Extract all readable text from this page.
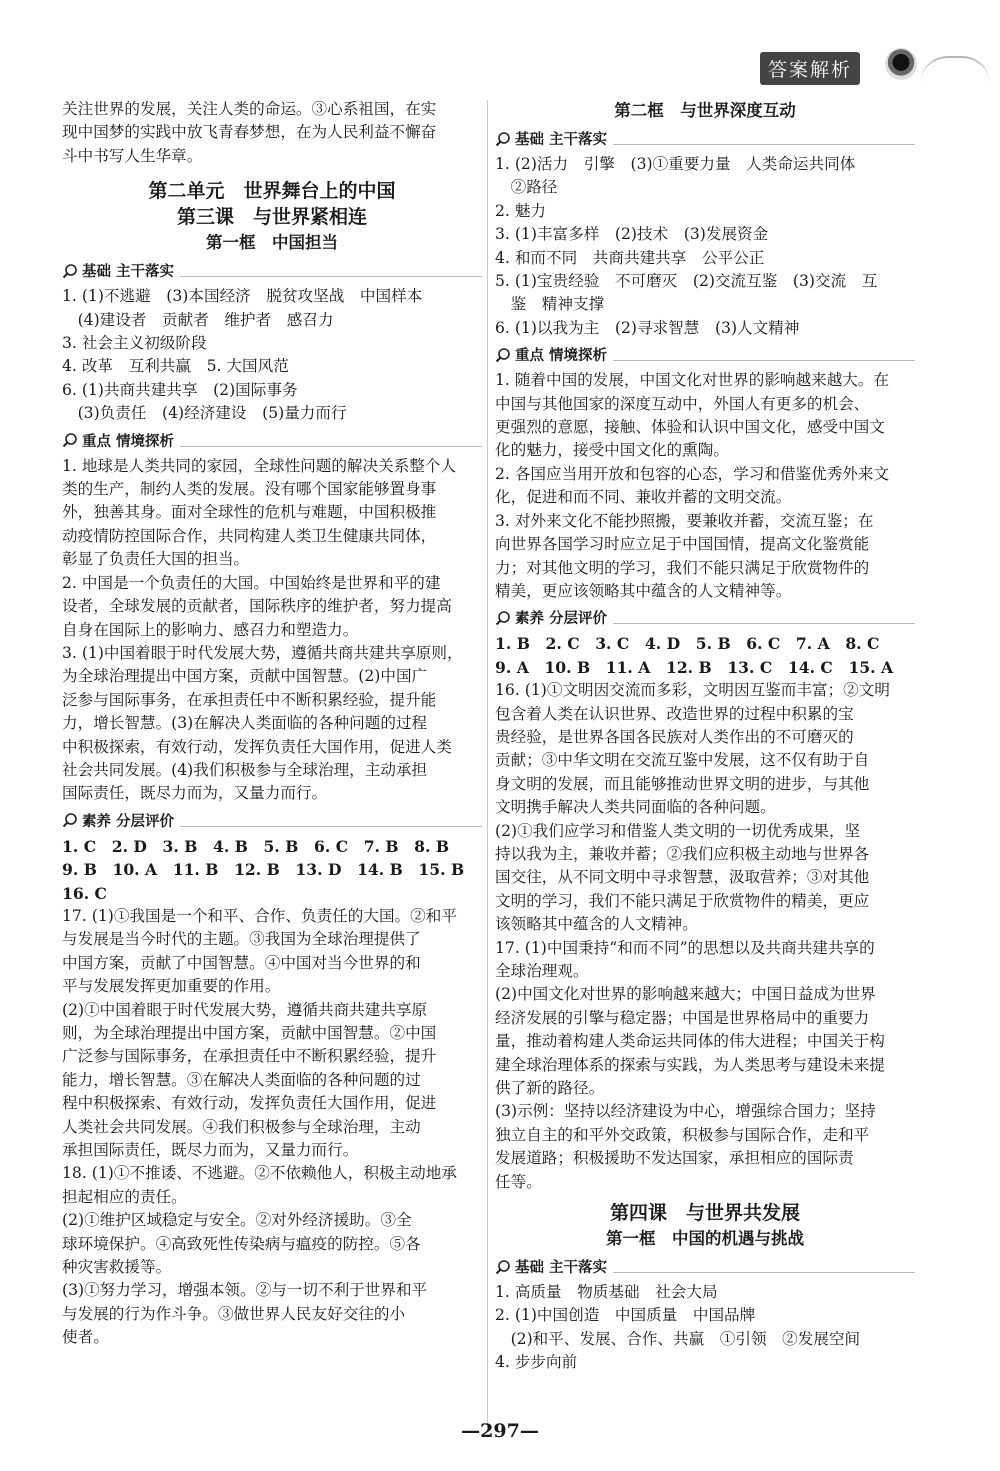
答案解析

关注世界的发展，关注人类的命运。③心系祖国，在实

现中国梦的实践中放飞青春梦想，在为人民利益不懈奋

斗中书写人生华章。

第二单元　世界舞台上的中国
第三课　与世界紧相连
第一框　中国担当
基础 主干落实

1. (1)不逃避　(3)本国经济　脱贫攻坚战　中国样本

　(4)建设者　贡献者　维护者　感召力

3. 社会主义初级阶段

4. 改革　互利共赢　5. 大国风范

6. (1)共商共建共享　(2)国际事务

　(3)负责任　(4)经济建设　(5)量力而行

重点 情境探析

1. 地球是人类共同的家园，全球性问题的解决关系整个人

类的生产，制约人类的发展。没有哪个国家能够置身事

外，独善其身。面对全球性的危机与难题，中国积极推

动疫情防控国际合作，共同构建人类卫生健康共同体，

彰显了负责任大国的担当。

2. 中国是一个负责任的大国。中国始终是世界和平的建

设者，全球发展的贡献者，国际秩序的维护者，努力提高

自身在国际上的影响力、感召力和塑造力。

3. (1)中国着眼于时代发展大势，遵循共商共建共享原则，

为全球治理提出中国方案，贡献中国智慧。(2)中国广

泛参与国际事务，在承担责任中不断积累经验，提升能

力，增长智慧。(3)在解决人类面临的各种问题的过程

中积极探索，有效行动，发挥负责任大国作用，促进人类

社会共同发展。(4)我们积极参与全球治理，主动承担

国际责任，既尽力而为，又量力而行。

素养 分层评价

1. C　2. D　3. B　4. B　5. B　6. C　7. B　8. B

9. B　10. A　11. B　12. B　13. D　14. B　15. B

16. C

17. (1)①我国是一个和平、合作、负责任的大国。②和平

与发展是当今时代的主题。③我国为全球治理提供了

中国方案，贡献了中国智慧。④中国对当今世界的和

平与发展发挥更加重要的作用。

(2)①中国着眼于时代发展大势，遵循共商共建共享原

则，为全球治理提出中国方案，贡献中国智慧。②中国

广泛参与国际事务，在承担责任中不断积累经验，提升

能力，增长智慧。③在解决人类面临的各种问题的过

程中积极探索、有效行动，发挥负责任大国作用，促进

人类社会共同发展。④我们积极参与全球治理，主动

承担国际责任，既尽力而为，又量力而行。

18. (1)①不推诿、不逃避。②不依赖他人，积极主动地承

担起相应的责任。

(2)①维护区域稳定与安全。②对外经济援助。③全

球环境保护。④高致死性传染病与瘟疫的防控。⑤各

种灾害救援等。

(3)①努力学习，增强本领。②与一切不利于世界和平

与发展的行为作斗争。③做世界人民友好交往的小

使者。

第二框　与世界深度互动
基础 主干落实

1. (2)活力　引擎　(3)①重要力量　人类命运共同体

　②路径

2. 魅力

3. (1)丰富多样　(2)技术　(3)发展资金

4. 和而不同　共商共建共享　公平公正

5. (1)宝贵经验　不可磨灭　(2)交流互鉴　(3)交流　互

　鉴　精神支撑

6. (1)以我为主　(2)寻求智慧　(3)人文精神

重点 情境探析

1. 随着中国的发展，中国文化对世界的影响越来越大。在

中国与其他国家的深度互动中，外国人有更多的机会、

更强烈的意愿，接触、体验和认识中国文化，感受中国文

化的魅力，接受中国文化的熏陶。

2. 各国应当用开放和包容的心态，学习和借鉴优秀外来文

化，促进和而不同、兼收并蓄的文明交流。

3. 对外来文化不能抄照搬，要兼收并蓄，交流互鉴；在

向世界各国学习时应立足于中国国情，提高文化鉴赏能

力；对其他文明的学习，我们不能只满足于欣赏物件的

精美，更应该领略其中蕴含的人文精神等。

素养 分层评价

1. B　2. C　3. C　4. D　5. B　6. C　7. A　8. C

9. A　10. B　11. A　12. B　13. C　14. C　15. A

16. (1)①文明因交流而多彩，文明因互鉴而丰富；②文明

包含着人类在认识世界、改造世界的过程中积累的宝

贵经验，是世界各国各民族对人类作出的不可磨灭的

贡献；③中华文明在交流互鉴中发展，这不仅有助于自

身文明的发展，而且能够推动世界文明的进步，与其他

文明携手解决人类共同面临的各种问题。

(2)①我们应学习和借鉴人类文明的一切优秀成果，坚

持以我为主，兼收并蓄；②我们应积极主动地与世界各

国交往，从不同文明中寻求智慧，汲取营养；③对其他

文明的学习，我们不能只满足于欣赏物件的精美，更应

该领略其中蕴含的人文精神。

17. (1)中国秉持“和而不同”的思想以及共商共建共享的

全球治理观。

(2)中国文化对世界的影响越来越大；中国日益成为世界

经济发展的引擎与稳定器；中国是世界格局中的重要力

量，推动着构建人类命运共同体的伟大进程；中国关于构

建全球治理体系的探索与实践，为人类思考与建设未来提

供了新的路径。

(3)示例：坚持以经济建设为中心，增强综合国力；坚持

独立自主的和平外交政策，积极参与国际合作，走和平

发展道路；积极援助不发达国家，承担相应的国际责

任等。

第四课　与世界共发展
第一框　中国的机遇与挑战
基础 主干落实

1. 高质量　物质基础　社会大局

2. (1)中国创造　中国质量　中国品牌

　(2)和平、发展、合作、共赢　①引领　②发展空间

4. 步步向前

—297—
